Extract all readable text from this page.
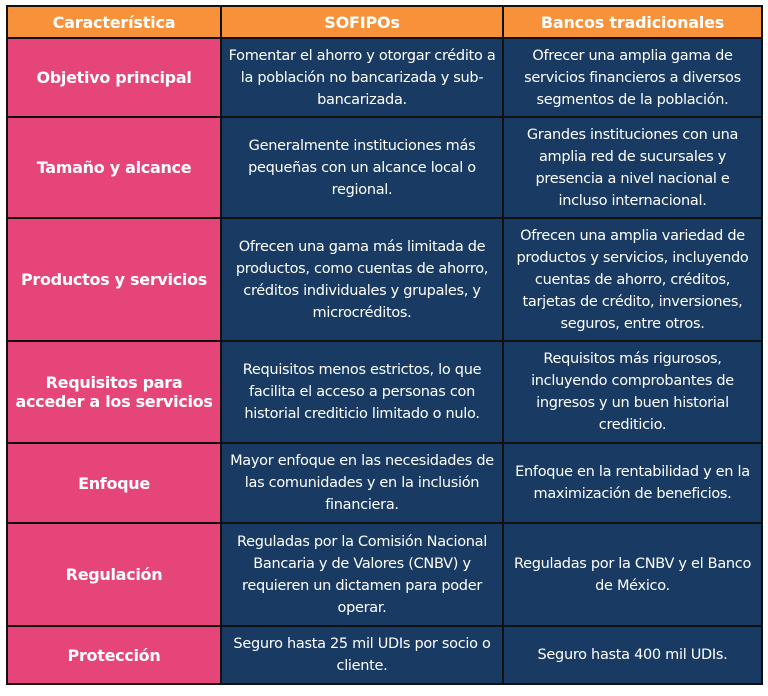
Característica	SOFIPOs	Bancos tradicionales
Objetivo principal	Fomentar el ahorro y otorgar crédito a la población no bancarizada y sub-bancarizada.	Ofrecer una amplia gama de servicios financieros a diversos segmentos de la población.
Tamaño y alcance	Generalmente instituciones más pequeñas con un alcance local o regional.	Grandes instituciones con una amplia red de sucursales y presencia a nivel nacional e incluso internacional.
Productos y servicios	Ofrecen una gama más limitada de productos, como cuentas de ahorro, créditos individuales y grupales, y microcréditos.	Ofrecen una amplia variedad de productos y servicios, incluyendo cuentas de ahorro, créditos, tarjetas de crédito, inversiones, seguros, entre otros.
Requisitos para acceder a los servicios	Requisitos menos estrictos, lo que facilita el acceso a personas con historial crediticio limitado o nulo.	Requisitos más rigurosos, incluyendo comprobantes de ingresos y un buen historial crediticio.
Enfoque	Mayor enfoque en las necesidades de las comunidades y en la inclusión financiera.	Enfoque en la rentabilidad y en la maximización de beneficios.
Regulación	Reguladas por la Comisión Nacional Bancaria y de Valores (CNBV) y requieren un dictamen para poder operar.	Reguladas por la CNBV y el Banco de México.
Protección	Seguro hasta 25 mil UDIs por socio o cliente.	Seguro hasta 400 mil UDIs.
